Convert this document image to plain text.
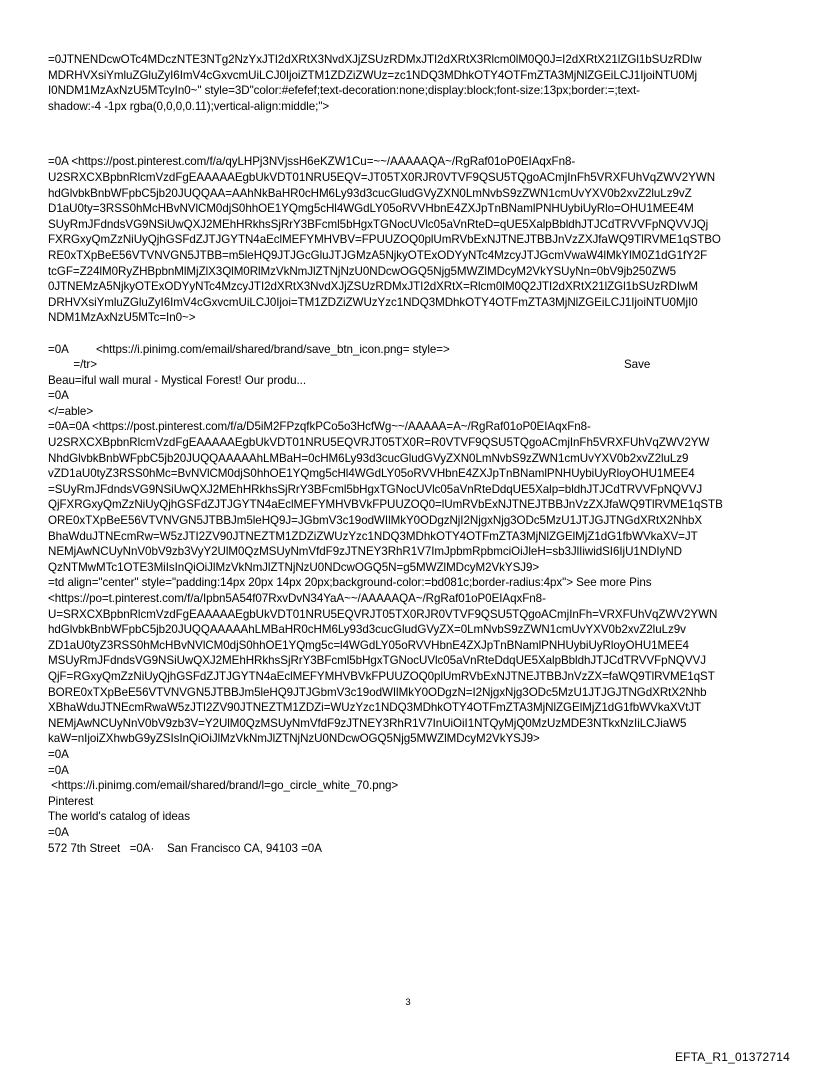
=0JTNENDcwOTc4MDczNTE3NTg2NzYxJTI2dXRtX3NvdXJjZSUzRDMxJTI2dXRtX3Rlcm0lM0Q0J=I2dXRtX21lZGl1bSUzRDIw
MDRHVXsiYmluZGluZyI6ImV4cGxvcmUiLCJ0IjoiZTM1ZDZiZWUz=zc1NDQ3MDhkOTY4OTFmZTA3MjNlZGEiLCJ1IjoiNTU0Mj
I0NDM1MzAxNzU5MTcyIn0~" style=3D"color:#efefef;text-decoration:none;display:block;font-size:13px;border:=;text-
shadow:-4 -1px rgba(0,0,0,0.11);vertical-align:middle;">
=0A <https://post.pinterest.com/f/a/qyLHPj3NVjssH6eKZW1Cu=~~/AAAAAQA~/RgRaf01oP0EIAqxFn8-
U2SRXCXBpbnRlcmVzdFgEAAAAAEgbUkVDT01NRU5EQV=JT05TX0RJR0VTVF9QSU5TQgoACmjInFh5VRXFUhVqZWV2YWN
hdGlvbkBnbWFpbC5jb20JUQQAA=AAhNkBaHR0cHM6Ly93d3cucGludGVyZXN0LmNvbS9zZWN1cmUvYXV0b2xvZ2luLz9vZ
D1aU0ty=3RSS0hMcHBvNVlCM0djS0hhOE1YQmg5cHl4WGdLY05oRVVHbnE4ZXJpTnBNamlPNHUybiUyRlo=OHU1MEE4M
SUyRmJFdndsVG9NSiUwQXJ2MEhHRkhsSjRrY3BFcml5bHgxTGNocUVlc05aVnRteD=qUE5XalpBbldhJTJCdTRVVFpNQVVJQj
FXRGxyQmZzNiUyQjhGSFdZJTJGYTN4aEclMEFYMHVBV=FPUUZOQ0plUmRVbExNJTNEJTBBJnVzZXJfaWQ9TlRVME1qSTBO
RE0xTXpBeE56VTVNVGN5JTBB=m5leHQ9JTJGcGluJTJGMzA5NjkyOTExODYyNTc4MzcyJTJGcmVwaW4lMkYlM0Z1dG1fY2F
tcGF=Z24lM0RyZHBpbnMlMjZlX3QlM0RlMzVkNmJlZTNjNzU0NDcwOGQ5Njg5MWZlMDcyM2VkYSUyNn=0bV9jb250ZW5
0JTNEMzA5NjkyOTExODYyNTc4MzcyJTI2dXRtX3NvdXJjZSUzRDMxJTI2dXRtX=Rlcm0lM0Q2JTI2dXRtX21lZGl1bSUzRDIwM
DRHVXsiYmluZGluZyI6ImV4cGxvcmUiLCJ0Ijoi=TM1ZDZiZWUzYzc1NDQ3MDhkOTY4OTFmZTA3MjNlZGEiLCJ1IjoiNTU0MjI0
NDM1MzAxNzU5MTc=In0~>

<https://i.pinimg.com/email/shared/brand/save_btn_icon.png= style=>

Save

=0A
=/tr>
Beau=iful wall mural - Mystical Forest! Our produ...
=0A
</=able>
=0A=0A <https://post.pinterest.com/f/a/D5iM2FPzqfkPCo5o3HcfWg~~/AAAAA=A~/RgRaf01oP0EIAqxFn8-
U2SRXCXBpbnRlcmVzdFgEAAAAAEgbUkVDT01NRU5EQVRJT05TX0R=R0VTVF9QSU5TQgoACmjInFh5VRXFUhVqZWV2YW
NhdGlvbkBnbWFpbC5jb20JUQQAAAAAhLMBaH=0cHM6Ly93d3cucGludGVyZXN0LmNvbS9zZWN1cmUvYXV0b2xvZ2luLz9
vZD1aU0tyZ3RSS0hMc=BvNVlCM0djS0hhOE1YQmg5cHl4WGdLY05oRVVHbnE4ZXJpTnBNamlPNHUybiUyRloyOHU1MEE4
=SUyRmJFdndsVG9NSiUwQXJ2MEhHRkhsSjRrY3BFcml5bHgxTGNocUVlc05aVnRteDdqUE5Xalp=bldhJTJCdTRVVFpNQVVJ
QjFXRGxyQmZzNiUyQjhGSFdZJTJGYTN4aEclMEFYMHVBVkFPUUZOQ0=lUmRVbExNJTNEJTBBJnVzZXJfaWQ9TlRVME1qSTB
ORE0xTXpBeE56VTVNVGN5JTBBJm5leHQ9J=JGbmV3c19odWIlMkY0ODgzNjI2NjgxNjg3ODc5MzU1JTJGJTNGdXRtX2NhbX
BhaWduJTNEcmRw=W5zJTI2ZV90JTNEZTM1ZDZiZWUzYzc1NDQ3MDhkOTY4OTFmZTA3MjNlZGElMjZ1dG1fbWVkaXV=JT
NEMjAwNCUyNnV0bV9zb3VyY2UlM0QzMSUyNmVfdF9zJTNEY3RhR1V7ImJpbmRpbmciOiJleH=sb3JlIiwidSI6IjU1NDIyND
QzNTMwMTc1OTE3MiIsInQiOiJlMzVkNmJlZTNjNzU0NDcwOGQ5N=g5MWZlMDcyM2VkYSJ9>
=td align="center" style="padding:14px 20px 14px 20px;background-color:=bd081c;border-radius:4px"> See more Pins
<https://po=t.pinterest.com/f/a/Ipbn5A54f07RxvDvN34YaA~~/AAAAAQA~/RgRaf01oP0EIAqxFn8-
U=SRXCXBpbnRlcmVzdFgEAAAAAEgbUkVDT01NRU5EQVRJT05TX0RJR0VTVF9QSU5TQgoACmjInFh=VRXFUhVqZWV2YWN
hdGlvbkBnbWFpbC5jb20JUQQAAAAAhLMBaHR0cHM6Ly93d3cucGludGVyZX=0LmNvbS9zZWN1cmUvYXV0b2xvZ2luLz9v
ZD1aU0tyZ3RSS0hMcHBvNVlCM0djS0hhOE1YQmg5c=l4WGdLY05oRVVHbnE4ZXJpTnBNamlPNHUybiUyRloyOHU1MEE4
MSUyRmJFdndsVG9NSiUwQXJ2MEhHRkhsSjRrY3BFcml5bHgxTGNocUVlc05aVnRteDdqUE5XalpBbldhJTJCdTRVVFpNQVVJ
QjF=RGxyQmZzNiUyQjhGSFdZJTJGYTN4aEclMEFYMHVBVkFPUUZOQ0plUmRVbExNJTNEJTBBJnVzZX=faWQ9TlRVME1qST
BORE0xTXpBeE56VTVNVGN5JTBBJm5leHQ9JTJGbmV3c19odWIlMkY0ODgzN=I2NjgxNjg3ODc5MzU1JTJGJTNGdXRtX2Nhb
XBhaWduJTNEcmRwaW5zJTI2ZV90JTNEZTM1ZDZi=WUzYzc1NDQ3MDhkOTY4OTFmZTA3MjNlZGElMjZ1dG1fbWVkaXVtJT
NEMjAwNCUyNnV0bV9zb3V=Y2UlM0QzMSUyNmVfdF9zJTNEY3RhR1V7InUiOiI1NTQyMjQ0MzUzMDE3NTkxNzIiLCJiaW5
kaW=nIjoiZXhwbG9yZSIsInQiOiJlMzVkNmJlZTNjNzU0NDcwOGQ5Njg5MWZlMDcyM2VkYSJ9>
=0A
=0A
<https://i.pinimg.com/email/shared/brand/l=go_circle_white_70.png>
Pinterest
The world's catalog of ideas
=0A
572 7th Street   =0A·    San Francisco CA, 94103 =0A
3
EFTA_R1_01372714
